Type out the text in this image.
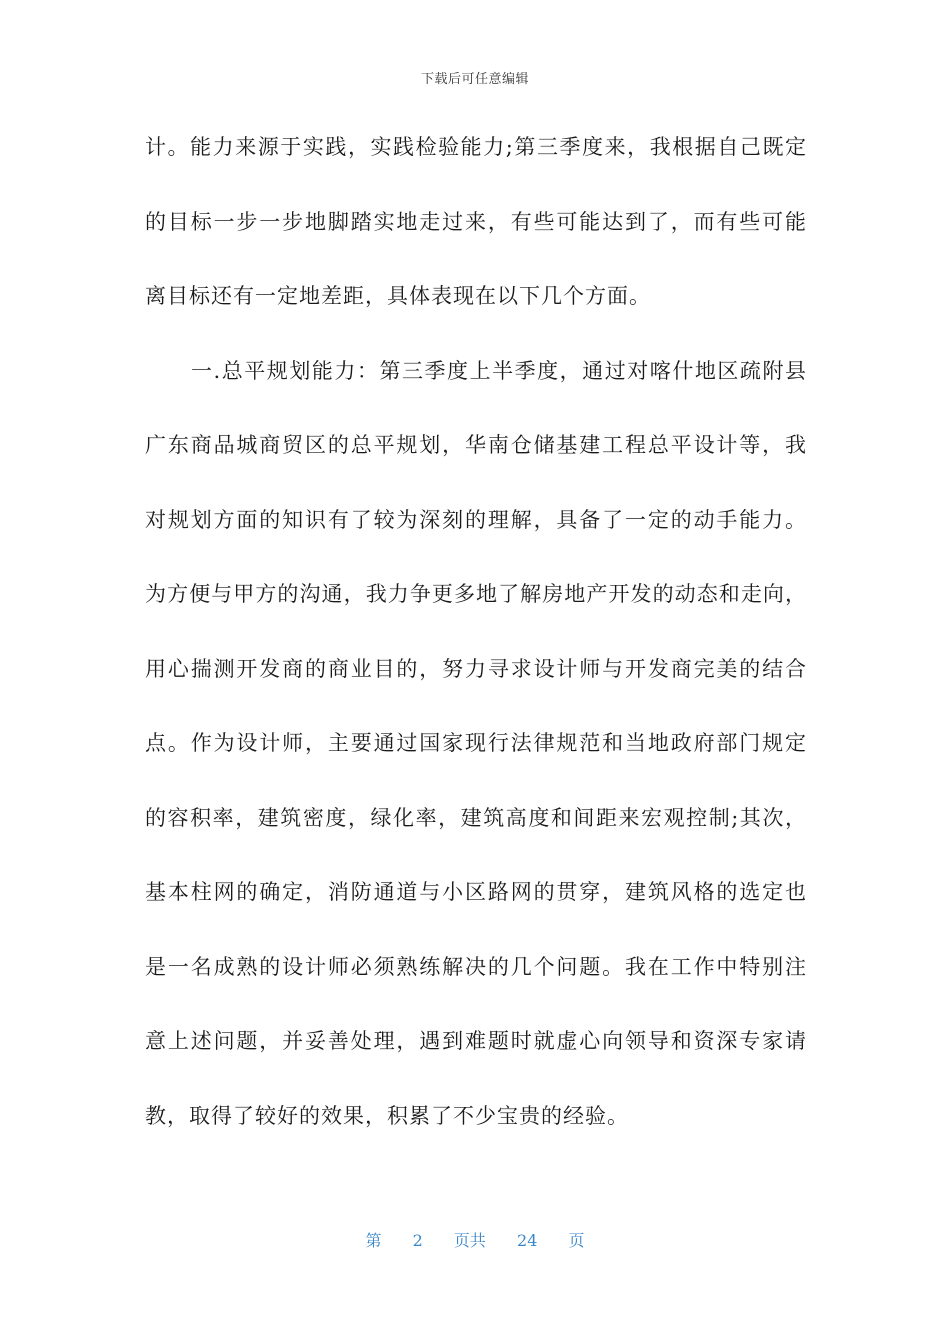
下载后可任意编辑
计。能力来源于实践，实践检验能力;第三季度来，我根据自己既定
的目标一步一步地脚踏实地走过来，有些可能达到了，而有些可能
离目标还有一定地差距，具体表现在以下几个方面。
一.总平规划能力：第三季度上半季度，通过对喀什地区疏附县
广东商品城商贸区的总平规划，华南仓储基建工程总平设计等，我
对规划方面的知识有了较为深刻的理解，具备了一定的动手能力。
为方便与甲方的沟通，我力争更多地了解房地产开发的动态和走向，
用心揣测开发商的商业目的，努力寻求设计师与开发商完美的结合
点。作为设计师，主要通过国家现行法律规范和当地政府部门规定
的容积率，建筑密度，绿化率，建筑高度和间距来宏观控制;其次，
基本柱网的确定，消防通道与小区路网的贯穿，建筑风格的选定也
是一名成熟的设计师必须熟练解决的几个问题。我在工作中特别注
意上述问题，并妥善处理，遇到难题时就虚心向领导和资深专家请
教，取得了较好的效果，积累了不少宝贵的经验。
第 2 页共 24 页
